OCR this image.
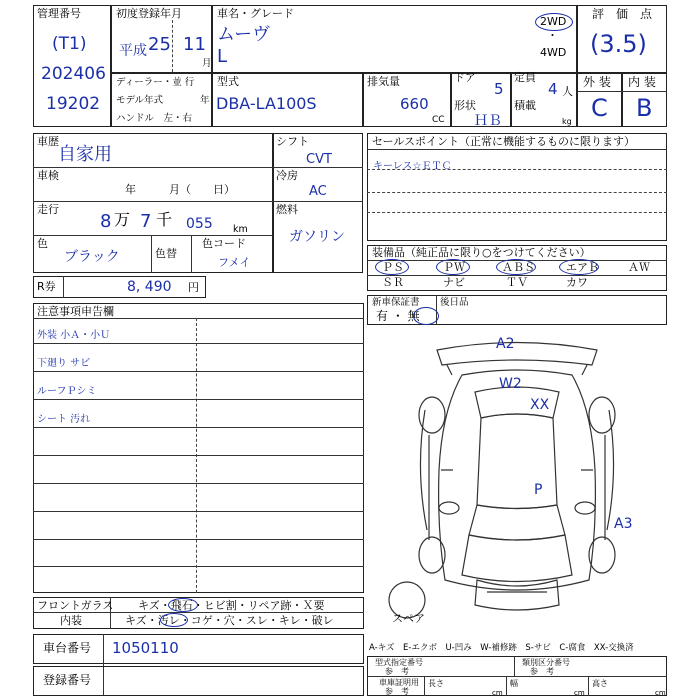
管理番号
(T1)
202406
19202
初度登録年月
平成 25 11
月
ディーラー・並 行
モデル年式	年
ハンドル　左・右
車名・グレード
ムーヴ
L
2WD
・
4WD
型式
DBA-LA100S
排気量
660
CC
ドア
5
形状
ＨＢ
定員
4 人
積載
kg
評　価　点
(3.5)
外 装 内 装
C B
車歴
自家用
車検
年　　　月（　　日）
走行
8 万 7 千 055 km
色
ブラック	色替
色コード
フメイ
シフト
CVT
冷房
AC
燃料
ガソリン
R券	8, 490 円
セールスポイント（正常に機能するものに限ります）
キーレス☆ＥＴＣ
装備品（純正品に限り○をつけてください）
ＰＳ	ＰＷ	ＡＢＳ	エアＢ	ＡＷ
ＳＲ	ナビ	ＴＶ	カワ
新車保証書 後日品
有 ・ 無
注意事項申告欄
外装 小Ａ・小Ｕ
下廻り サビ
ルーフＰシミ
シート 汚れ
A2
W2
XX
P
A3
スペア
フロントガラス キズ・飛石・ヒビ割・リペア跡・Ｘ要
内装	キズ・汚レ・コゲ・穴・スレ・キレ・破レ
車台番号 1050110
登録番号
A-キズ　E-エクボ　U-凹み　W-補修跡　S-サビ　C-腐食　XX-交換済
型式指定番号
参　考
類別区分番号
参　考
車庫証明用
参　考
長さ
cm
幅
cm
高さ
cm
